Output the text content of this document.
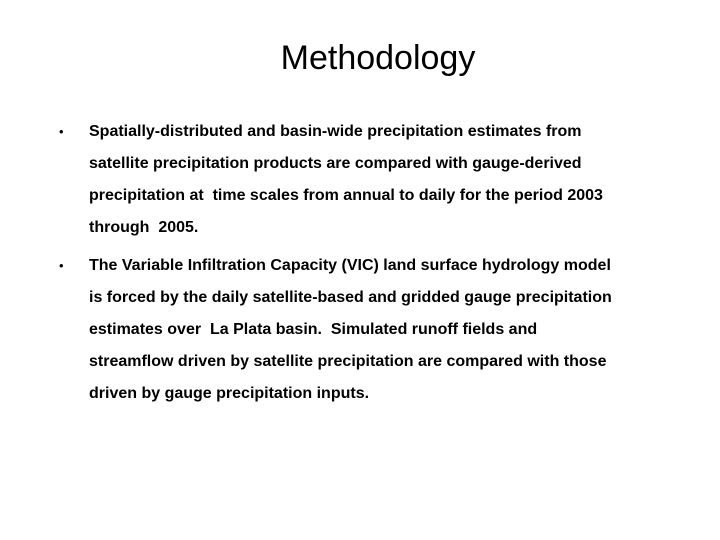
Methodology
• Spatially-distributed and basin-wide precipitation estimates from
satellite precipitation products are compared with gauge-derived
precipitation at  time scales from annual to daily for the period 2003
through  2005.
• The Variable Infiltration Capacity (VIC) land surface hydrology model
is forced by the daily satellite-based and gridded gauge precipitation
estimates over  La Plata basin.  Simulated runoff fields and
streamflow driven by satellite precipitation are compared with those
driven by gauge precipitation inputs.
